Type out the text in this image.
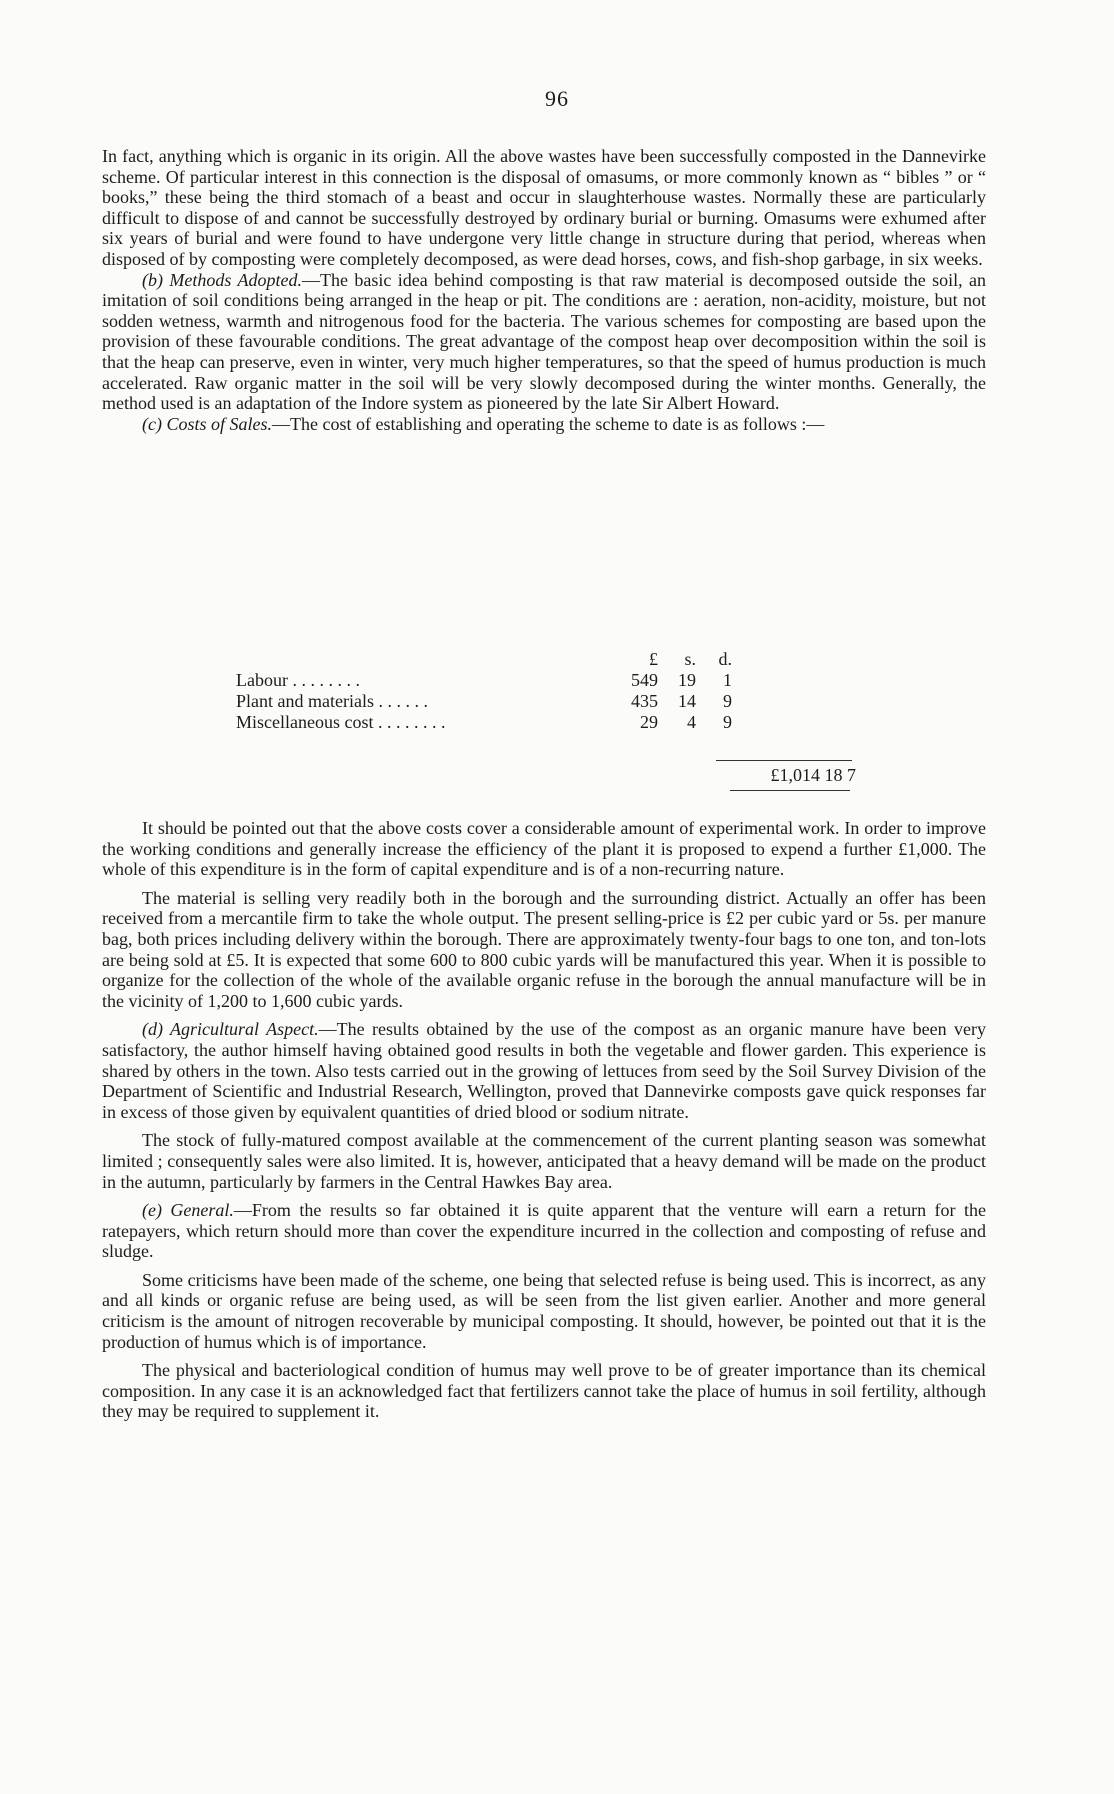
96

In fact, anything which is organic in its origin. All the above wastes have been successfully composted in the Dannevirke scheme. Of particular interest in this connection is the disposal of omasums, or more commonly known as “ bibles ” or “ books,” these being the third stomach of a beast and occur in slaughterhouse wastes. Normally these are particularly difficult to dispose of and cannot be successfully destroyed by ordinary burial or burning. Omasums were exhumed after six years of burial and were found to have undergone very little change in structure during that period, whereas when disposed of by composting were completely decomposed, as were dead horses, cows, and fish-shop garbage, in six weeks.

(b) Methods Adopted.—The basic idea behind composting is that raw material is decomposed outside the soil, an imitation of soil conditions being arranged in the heap or pit. The conditions are : aeration, non-acidity, moisture, but not sodden wetness, warmth and nitrogenous food for the bacteria. The various schemes for composting are based upon the provision of these favourable conditions. The great advantage of the compost heap over decomposition within the soil is that the heap can preserve, even in winter, very much higher temperatures, so that the speed of humus production is much accelerated. Raw organic matter in the soil will be very slowly decomposed during the winter months. Generally, the method used is an adaptation of the Indore system as pioneered by the late Sir Albert Howard.

(c) Costs of Sales.—The cost of establishing and operating the scheme to date is as follows :—

£	s.	d.
Labour . . . . . . . .	549	19	1
Plant and materials . . . . . .	435	14	9
Miscellaneous cost . . . . . . . .	29	4	9
£1,014 18 7

It should be pointed out that the above costs cover a considerable amount of experimental work. In order to improve the working conditions and generally increase the efficiency of the plant it is proposed to expend a further £1,000. The whole of this expenditure is in the form of capital expenditure and is of a non-recurring nature.

The material is selling very readily both in the borough and the surrounding district. Actually an offer has been received from a mercantile firm to take the whole output. The present selling-price is £2 per cubic yard or 5s. per manure bag, both prices including delivery within the borough. There are approximately twenty-four bags to one ton, and ton-lots are being sold at £5. It is expected that some 600 to 800 cubic yards will be manufactured this year. When it is possible to organize for the collection of the whole of the available organic refuse in the borough the annual manufacture will be in the vicinity of 1,200 to 1,600 cubic yards.

(d) Agricultural Aspect.—The results obtained by the use of the compost as an organic manure have been very satisfactory, the author himself having obtained good results in both the vegetable and flower garden. This experience is shared by others in the town. Also tests carried out in the growing of lettuces from seed by the Soil Survey Division of the Department of Scientific and Industrial Research, Wellington, proved that Dannevirke composts gave quick responses far in excess of those given by equivalent quantities of dried blood or sodium nitrate.

The stock of fully-matured compost available at the commencement of the current planting season was somewhat limited ; consequently sales were also limited. It is, however, anticipated that a heavy demand will be made on the product in the autumn, particularly by farmers in the Central Hawkes Bay area.

(e) General.—From the results so far obtained it is quite apparent that the venture will earn a return for the ratepayers, which return should more than cover the expenditure incurred in the collection and composting of refuse and sludge.

Some criticisms have been made of the scheme, one being that selected refuse is being used. This is incorrect, as any and all kinds or organic refuse are being used, as will be seen from the list given earlier. Another and more general criticism is the amount of nitrogen recoverable by municipal composting. It should, however, be pointed out that it is the production of humus which is of importance.

The physical and bacteriological condition of humus may well prove to be of greater importance than its chemical composition. In any case it is an acknowledged fact that fertilizers cannot take the place of humus in soil fertility, although they may be required to supplement it.
